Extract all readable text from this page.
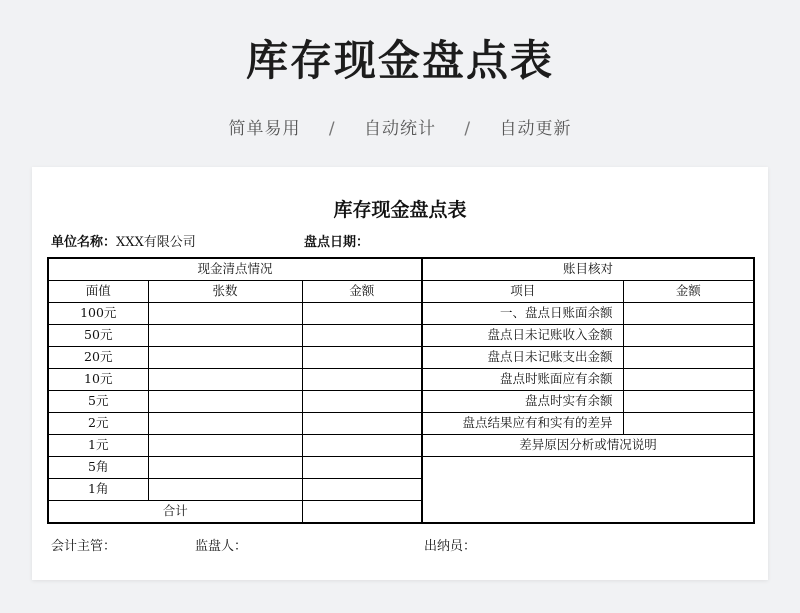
库存现金盘点表
简单易用 / 自动统计 / 自动更新
库存现金盘点表
单位名称：XXX有限公司	盘点日期：
现金清点情况			账目核对	
面值	张数	金额	项目	金额
100元			一、盘点日账面余额	
50元			盘点日未记账收入金额	
20元			盘点日未记账支出金额	
10元			盘点时账面应有余额	
5元			盘点时实有余额	
2元			盘点结果应有和实有的差异	
1元			差异原因分析或情况说明	
5角				
1角				
合计				
会计主管：	监盘人：	出纳员：
